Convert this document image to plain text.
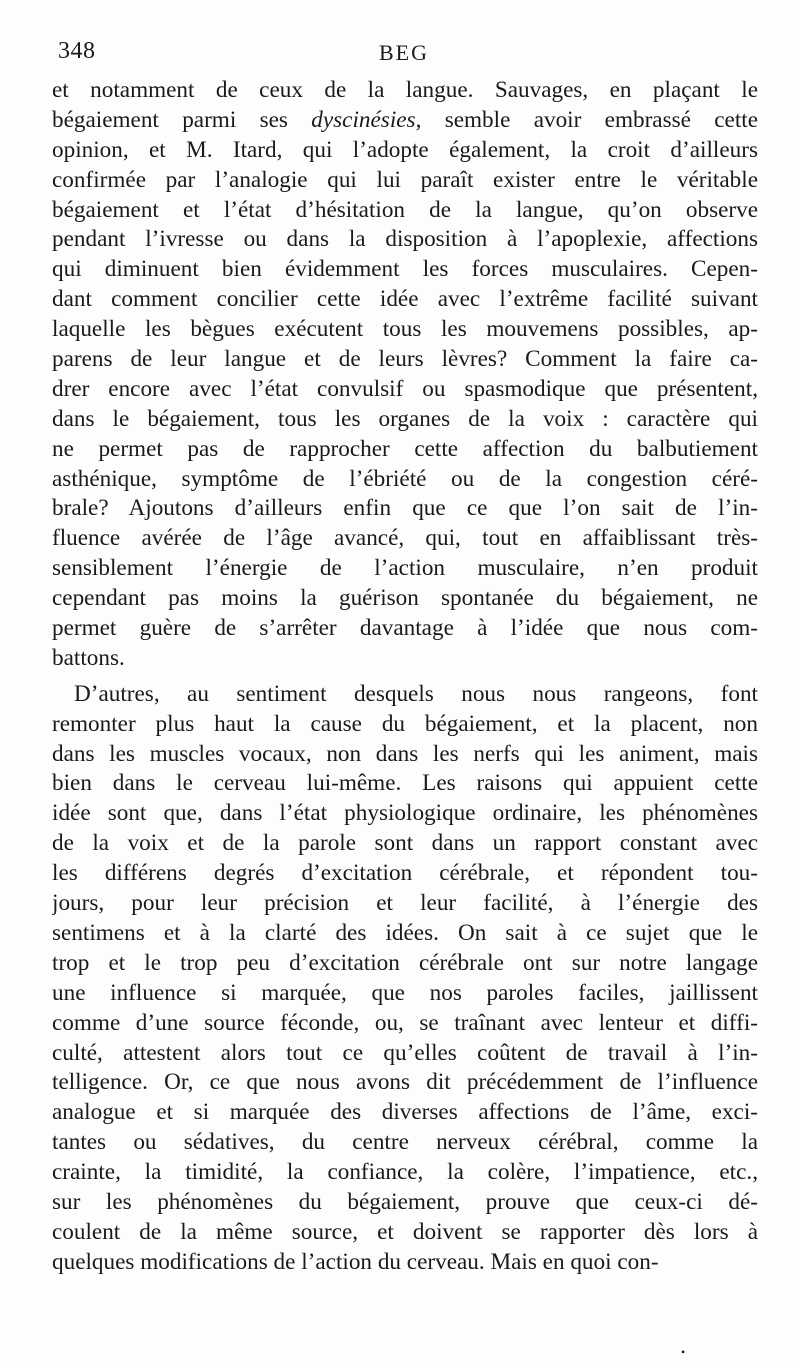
348	BEG
et notamment de ceux de la langue. Sauvages, en plaçant le
bégaiement parmi ses dyscinésies, semble avoir embrassé cette
opinion, et M. Itard, qui l’adopte également, la croit d’ailleurs
confirmée par l’analogie qui lui paraît exister entre le véritable
bégaiement et l’état d’hésitation de la langue, qu’on observe
pendant l’ivresse ou dans la disposition à l’apoplexie, affections
qui diminuent bien évidemment les forces musculaires. Cepen-
dant comment concilier cette idée avec l’extrême facilité suivant
laquelle les bègues exécutent tous les mouvemens possibles, ap-
parens de leur langue et de leurs lèvres? Comment la faire ca-
drer encore avec l’état convulsif ou spasmodique que présentent,
dans le bégaiement, tous les organes de la voix : caractère qui
ne permet pas de rapprocher cette affection du balbutiement
asthénique, symptôme de l’ébriété ou de la congestion céré-
brale? Ajoutons d’ailleurs enfin que ce que l’on sait de l’in-
fluence avérée de l’âge avancé, qui, tout en affaiblissant très-
sensiblement l’énergie de l’action musculaire, n’en produit
cependant pas moins la guérison spontanée du bégaiement, ne
permet guère de s’arrêter davantage à l’idée que nous com-
battons.
D’autres, au sentiment desquels nous nous rangeons, font
remonter plus haut la cause du bégaiement, et la placent, non
dans les muscles vocaux, non dans les nerfs qui les animent, mais
bien dans le cerveau lui-même. Les raisons qui appuient cette
idée sont que, dans l’état physiologique ordinaire, les phénomènes
de la voix et de la parole sont dans un rapport constant avec
les différens degrés d’excitation cérébrale, et répondent tou-
jours, pour leur précision et leur facilité, à l’énergie des
sentimens et à la clarté des idées. On sait à ce sujet que le
trop et le trop peu d’excitation cérébrale ont sur notre langage
une influence si marquée, que nos paroles faciles, jaillissent
comme d’une source féconde, ou, se traînant avec lenteur et diffi-
culté, attestent alors tout ce qu’elles coûtent de travail à l’in-
telligence. Or, ce que nous avons dit précédemment de l’influence
analogue et si marquée des diverses affections de l’âme, exci-
tantes ou sédatives, du centre nerveux cérébral, comme la
crainte, la timidité, la confiance, la colère, l’impatience, etc.,
sur les phénomènes du bégaiement, prouve que ceux-ci dé-
coulent de la même source, et doivent se rapporter dès lors à
quelques modifications de l’action du cerveau. Mais en quoi con-
•
